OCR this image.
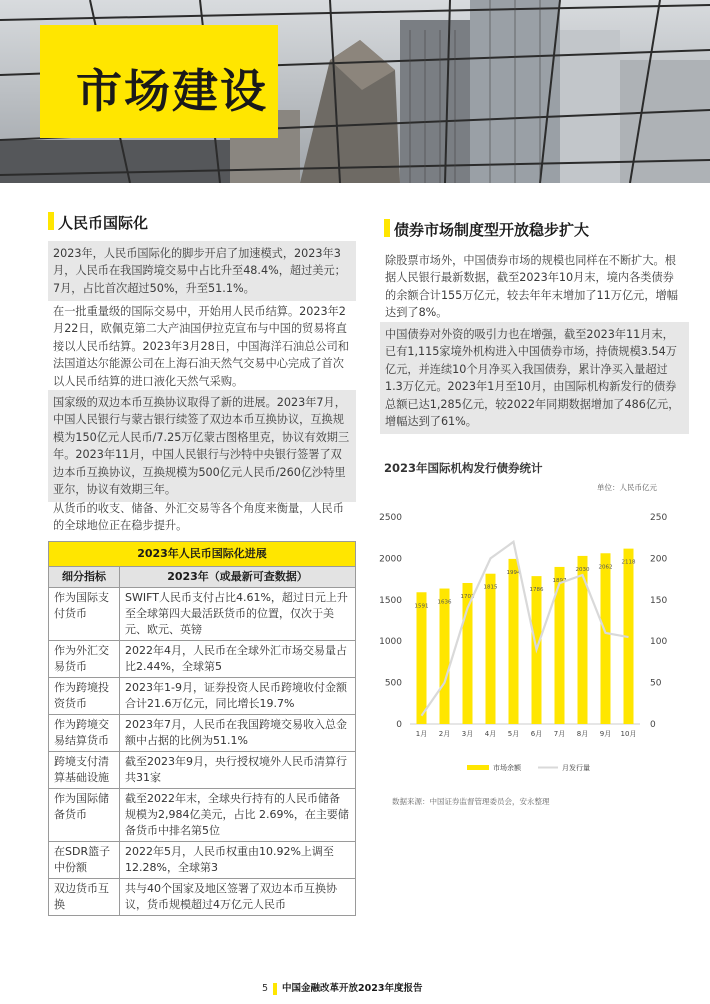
市场建设
人民币国际化

2023年，人民币国际化的脚步开启了加速模式，2023年3月，人民币在我国跨境交易中占比升至48.4%，超过美元；7月，占比首次超过50%，升至51.1%。

在一批重量级的国际交易中，开始用人民币结算。2023年2月22日，欧佩克第二大产油国伊拉克宣布与中国的贸易将直接以人民币结算。2023年3月28日，中国海洋石油总公司和法国道达尔能源公司在上海石油天然气交易中心完成了首次以人民币结算的进口液化天然气采购。

国家级的双边本币互换协议取得了新的进展。2023年7月，中国人民银行与蒙古银行续签了双边本币互换协议，互换规模为150亿元人民币/7.25万亿蒙古图格里克，协议有效期三年。2023年11月，中国人民银行与沙特中央银行签署了双边本币互换协议，互换规模为500亿元人民币/260亿沙特里亚尔，协议有效期三年。

从货币的收支、储备、外汇交易等各个角度来衡量，人民币的全球地位正在稳步提升。

2023年人民币国际化进展	
细分指标	2023年（或最新可查数据）
作为国际支付货币	SWIFT人民币支付占比4.61%，超过日元上升至全球第四大最活跃货币的位置，仅次于美元、欧元、英镑
作为外汇交易货币	2022年4月，人民币在全球外汇市场交易量占比2.44%，全球第5
作为跨境投资货币	2023年1-9月，证券投资人民币跨境收付金额合计21.6万亿元，同比增长19.7%
作为跨境交易结算货币	2023年7月，人民币在我国跨境交易收入总金额中占据的比例为51.1%
跨境支付清算基础设施	截至2023年9月，央行授权境外人民币清算行共31家
作为国际储备货币	截至2022年末，全球央行持有的人民币储备规模为2,984亿美元，占比 2.69%，在主要储备货币中排名第5位
在SDR篮子中份额	2022年5月，人民币权重由10.92%上调至12.28%，全球第3
双边货币互换	共与40个国家及地区签署了双边本币互换协议，货币规模超过4万亿元人民币
债券市场制度型开放稳步扩大

除股票市场外，中国债券市场的规模也同样在不断扩大。根据人民银行最新数据，截至2023年10月末，境内各类债券的余额合计155万亿元，较去年年末增加了11万亿元，增幅达到了8%。

中国债券对外资的吸引力也在增强，截至2023年11月末，已有1,115家境外机构进入中国债券市场，持债规模3.54万亿元，并连续10个月净买入我国债券，累计净买入量超过1.3万亿元。2023年1月至10月，由国际机构新发行的债券总额已达1,285亿元，较2022年同期数据增加了486亿元，增幅达到了61%。

2023年国际机构发行债券统计
单位：人民币亿元
0
500
1000
1500
2000
2500
0
50
100
150
200
250
1591
1月
1636
2月
1703
3月
1815
4月
1994
5月
1786
6月
1897
7月
2030
8月
2062
9月
2118
10月
市场余额	月发行量
数据来源：中国证券监督管理委员会，安永整理
5 中国金融改革开放2023年度报告
